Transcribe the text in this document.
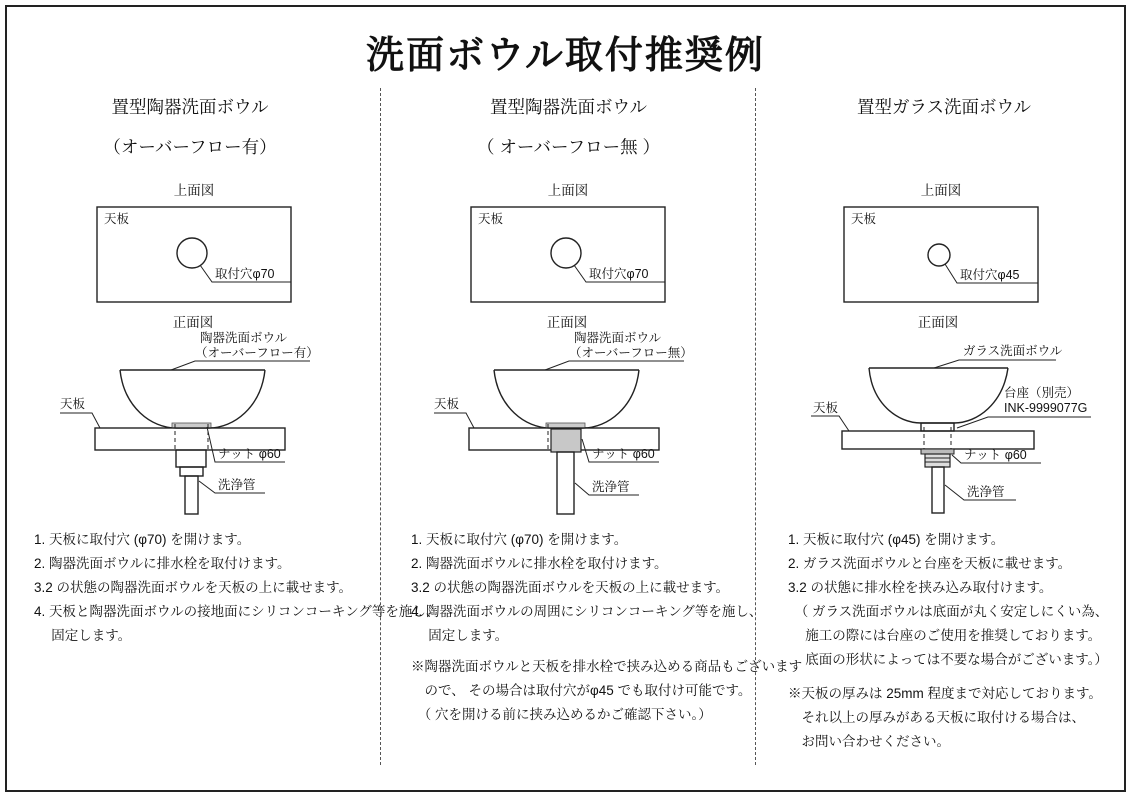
洗面ボウル取付推奨例
置型陶器洗面ボウル
（オーバーフロー有）
上面図
天板
取付穴φ70
正面図
陶器洗面ボウル
（オーバーフロー有）
天板
ナット φ60
洗浄管
1. 天板に取付穴 (φ70) を開けます。
2. 陶器洗面ボウルに排水栓を取付けます。
3.2 の状態の陶器洗面ボウルを天板の上に載せます。
4. 天板と陶器洗面ボウルの接地面にシリコンコーキング等を施し、
　 固定します。
置型陶器洗面ボウル
（ オーバーフロー無 ）
上面図
天板
取付穴φ70
正面図
陶器洗面ボウル
（オーバーフロー無）
天板
ナット φ60
洗浄管
1. 天板に取付穴 (φ70) を開けます。
2. 陶器洗面ボウルに排水栓を取付けます。
3.2 の状態の陶器洗面ボウルを天板の上に載せます。
4. 陶器洗面ボウルの周囲にシリコンコーキング等を施し、
　 固定します。
※陶器洗面ボウルと天板を排水栓で挟み込める商品もございます
　ので、 その場合は取付穴がφ45 でも取付け可能です。
　（ 穴を開ける前に挟み込めるかご確認下さい。）
置型ガラス洗面ボウル
上面図
天板
取付穴φ45
正面図
ガラス洗面ボウル
台座（別売）
INK-9999077G
天板
ナット φ60
洗浄管
1. 天板に取付穴 (φ45) を開けます。
2. ガラス洗面ボウルと台座を天板に載せます。
3.2 の状態に排水栓を挟み込み取付けます。
　（ ガラス洗面ボウルは底面が丸く安定しにくい為、
　 施工の際には台座のご使用を推奨しております。
　 底面の形状によっては不要な場合がございます。）
※天板の厚みは 25mm 程度まで対応しております。
　それ以上の厚みがある天板に取付ける場合は、
　お問い合わせください。
